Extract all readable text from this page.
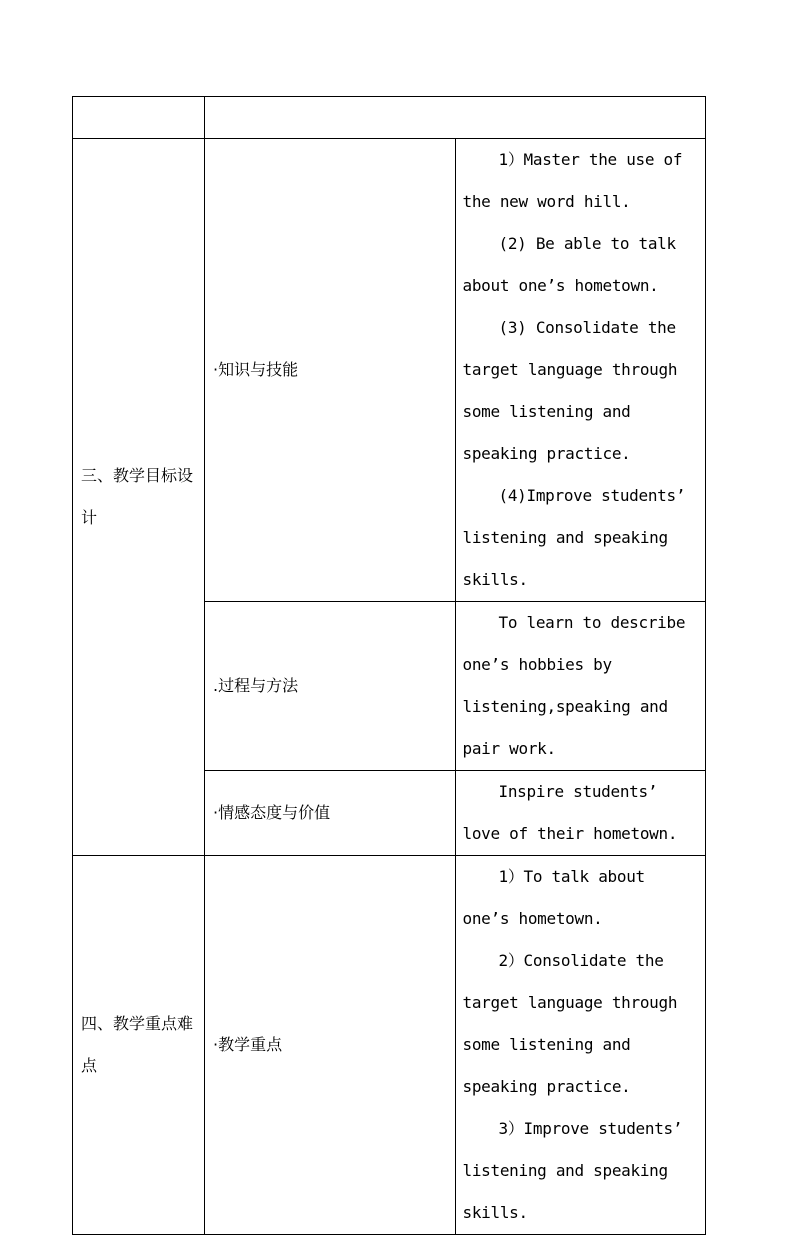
三、教学目标设计	·知识与技能	1）Master the use of the new word hill.
(2) Be able to talk about one’s hometown.
(3) Consolidate the target language through some listening and speaking practice.
(4)Improve students’ listening and speaking skills.

	.过程与方法	To learn to describe one’s hobbies by listening,speaking and pair work.

	·情感态度与价值	Inspire students’ love of their hometown.

四、教学重点难点	·教学重点	1）To talk about one’s hometown.
2）Consolidate the target language through some listening and speaking practice.
3）Improve students’ listening and speaking skills.
